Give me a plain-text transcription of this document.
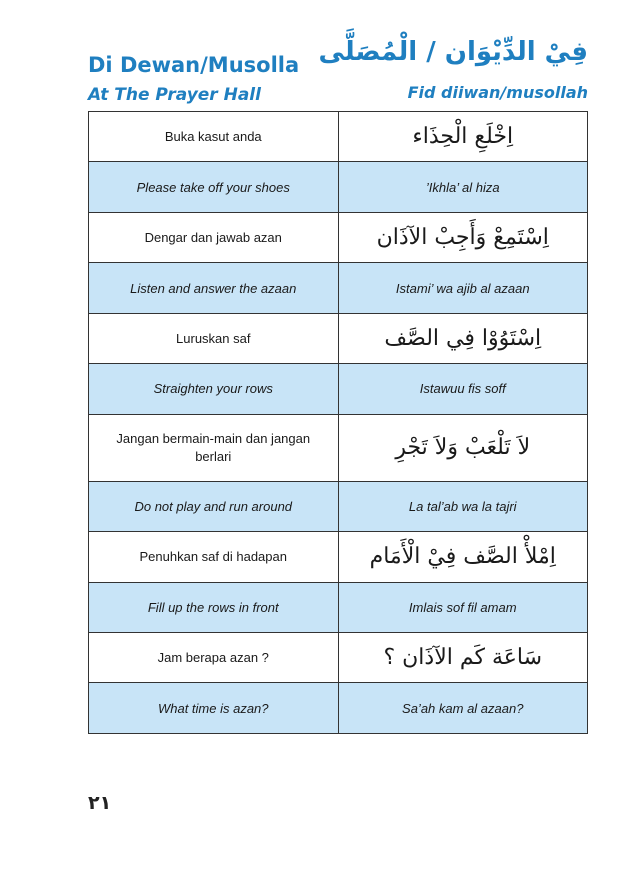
Di Dewan/Musolla
At The Prayer Hall
فِيْ الدِّيْوَان / الْمُصَلَّى
Fid diiwan/musollah
Buka kasut anda	اِخْلَعِ الْحِذَاء
Please take off your shoes	’Ikhla’ al hiza
Dengar dan jawab azan	اِسْتَمِعْ وَأَجِبْ الآذَان
Listen and answer the azaan	Istami’ wa ajib al azaan
Luruskan saf	اِسْتَوُوْا فِي الصَّف
Straighten your rows	Istawuu fis soff
Jangan bermain-main dan jangan berlari	لاَ تَلْعَبْ وَلاَ تَجْرِ
Do not play and run around	La tal’ab wa la tajri
Penuhkan saf di hadapan	اِمْلأْ الصَّف فِيْ الْأَمَام
Fill up the rows in front	Imlais sof fil amam
Jam berapa azan ?	سَاعَة كَم الآذَان ؟
What time is azan?	Sa’ah kam al azaan?
٢١
